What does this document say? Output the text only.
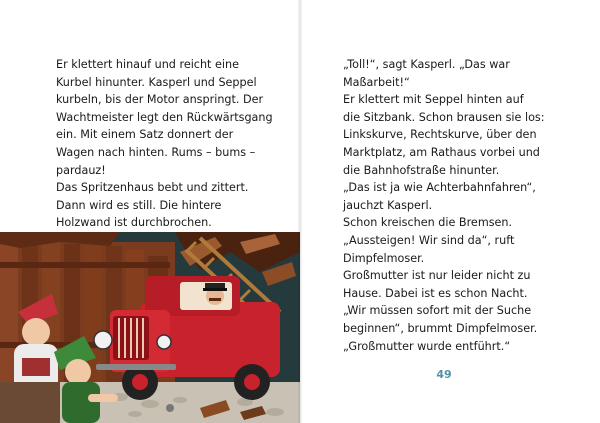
Er klettert hinauf und reicht eine
Kurbel hinunter. Kasperl und Seppel
kurbeln, bis der Motor anspringt. Der
Wachtmeister legt den Rückwärtsgang
ein. Mit einem Satz donnert der
Wagen nach hinten. Rums – bums –
pardauz!
Das Spritzenhaus bebt und zittert.
Dann wird es still. Die hintere
Holzwand ist durchbrochen.
„Toll!“, sagt Kasperl. „Das war
Maßarbeit!“
Er klettert mit Seppel hinten auf
die Sitzbank. Schon brausen sie los:
Linkskurve, Rechtskurve, über den
Marktplatz, am Rathaus vorbei und
die Bahnhofstraße hinunter.
„Das ist ja wie Achterbahnfahren“,
jauchzt Kasperl.
Schon kreischen die Bremsen.
„Aussteigen! Wir sind da“, ruft
Dimpfelmoser.
Großmutter ist nur leider nicht zu
Hause. Dabei ist es schon Nacht.
„Wir müssen sofort mit der Suche
beginnen“, brummt Dimpfelmoser.
„Großmutter wurde entführt.“
49
